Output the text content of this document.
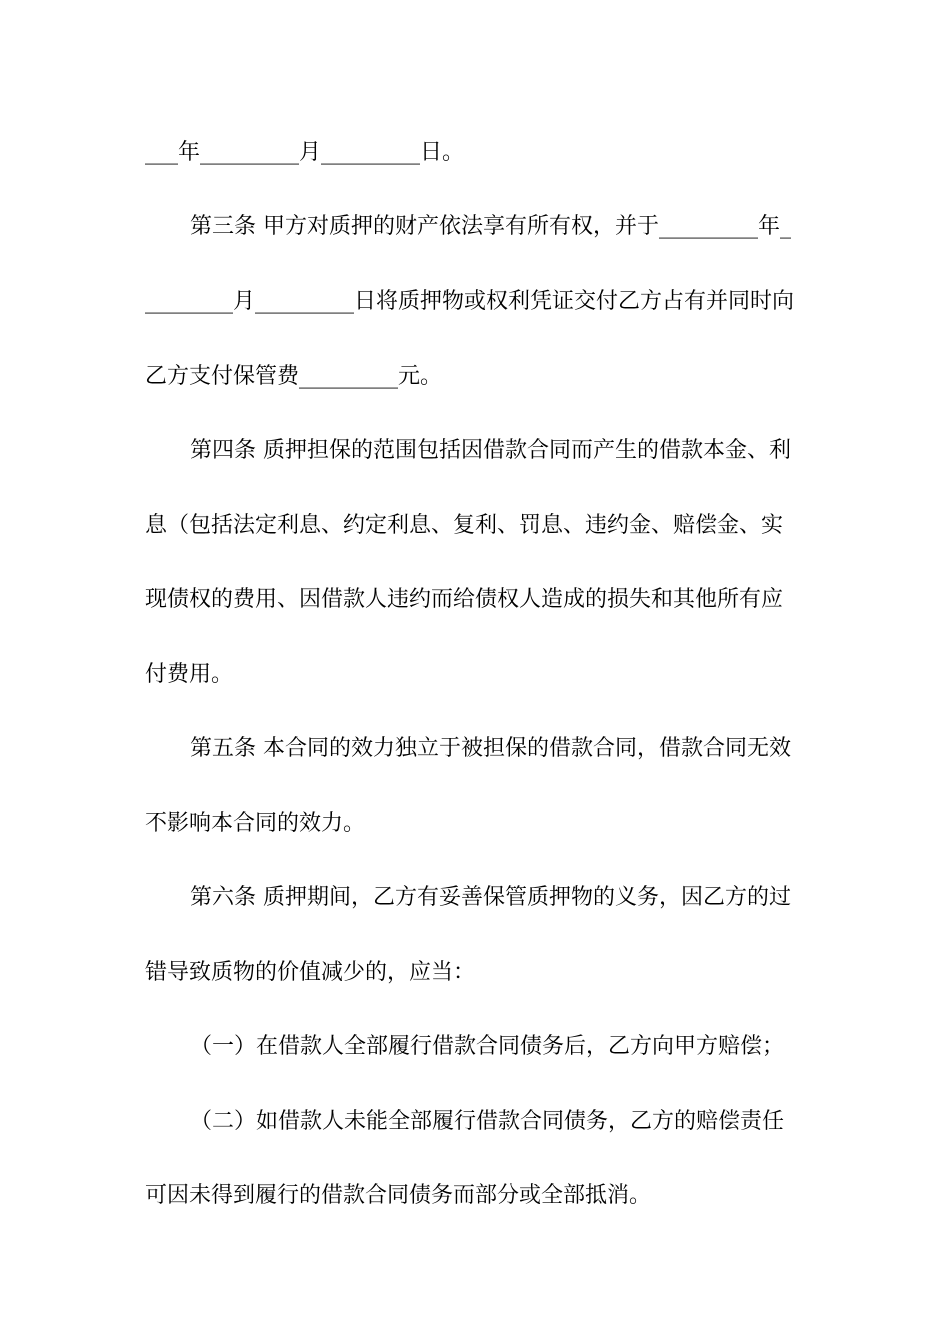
___年_________月_________日。
第三条 甲方对质押的财产依法享有所有权，并于_________年_
________月_________日将质押物或权利凭证交付乙方占有并同时向
乙方支付保管费_________元。
第四条 质押担保的范围包括因借款合同而产生的借款本金、利
息（包括法定利息、约定利息、复利、罚息、违约金、赔偿金、实
现债权的费用、因借款人违约而给债权人造成的损失和其他所有应
付费用。
第五条 本合同的效力独立于被担保的借款合同，借款合同无效
不影响本合同的效力。
第六条 质押期间，乙方有妥善保管质押物的义务，因乙方的过
错导致质物的价值减少的，应当：
（一）在借款人全部履行借款合同债务后，乙方向甲方赔偿；
（二）如借款人未能全部履行借款合同债务，乙方的赔偿责任
可因未得到履行的借款合同债务而部分或全部抵消。
